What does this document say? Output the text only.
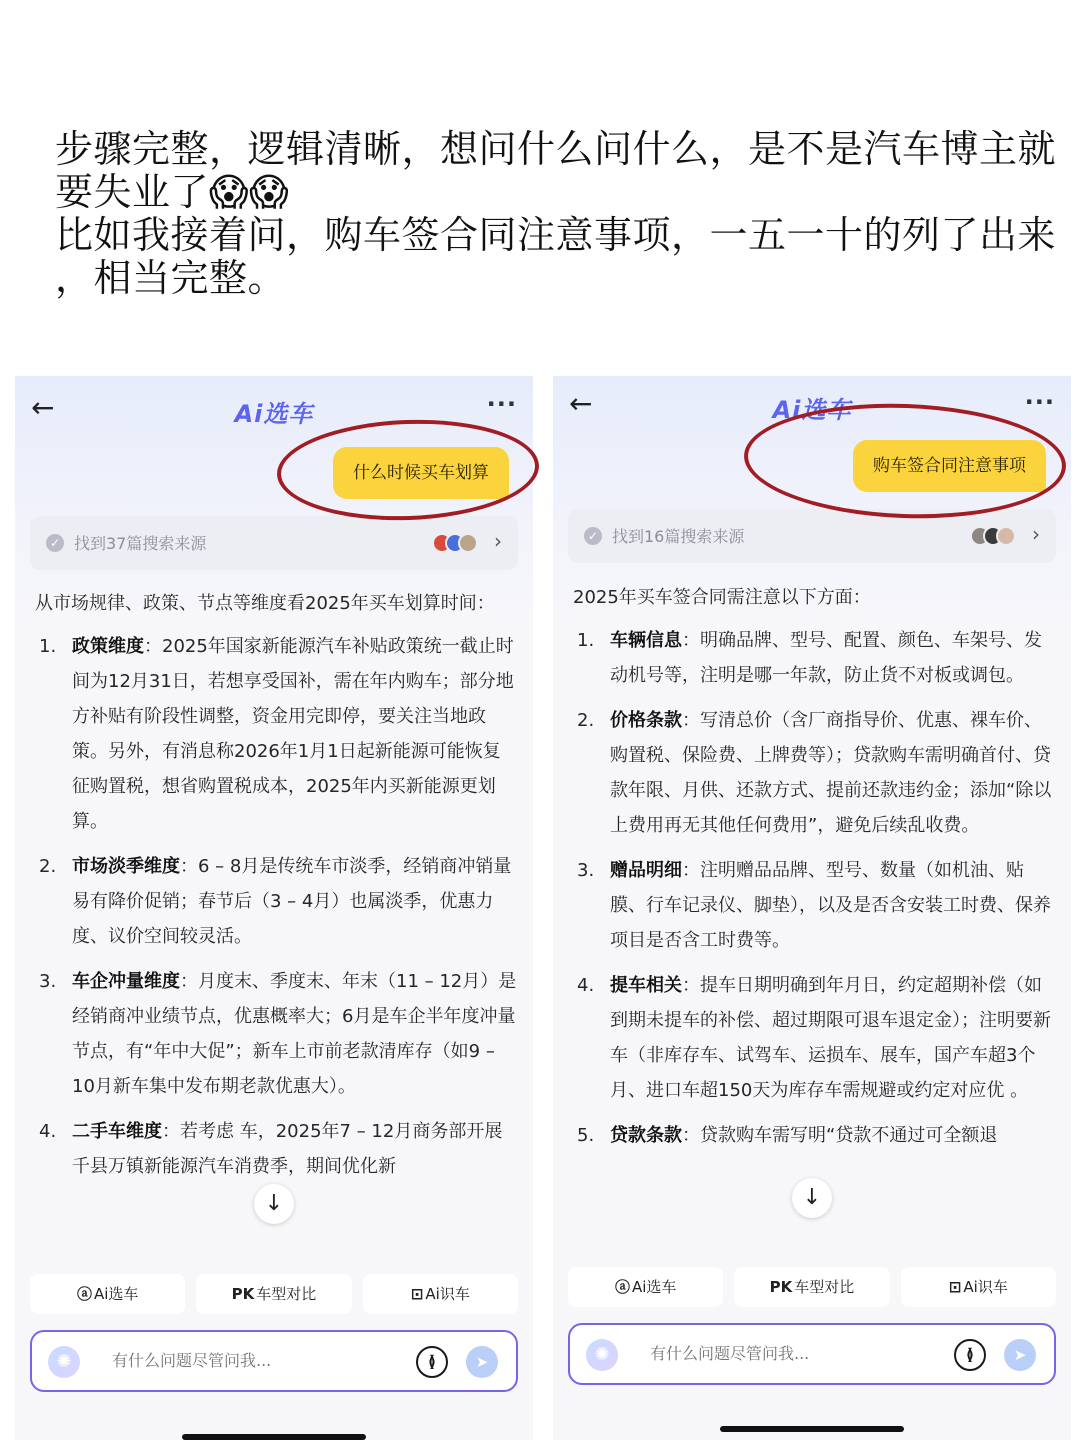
步骤完整，逻辑清晰，想问什么问什么，是不是汽车博主就
要失业了😱😱
比如我接着问，购车签合同注意事项，一五一十的列了出来
，相当完整。
←	Ai选车	···
什么时候买车划算
✓ 找到37篇搜索来源	›
从市场规律、政策、节点等维度看2025年买车划算时间：
1. 政策维度：2025年国家新能源汽车补贴政策统一截止时间为12月31日，若想享受国补，需在年内购车；部分地方补贴有阶段性调整，资金用完即停，要关注当地政策。另外，有消息称2026年1月1日起新能源可能恢复征购置税，想省购置税成本，2025年内买新能源更划算。
2. 市场淡季维度：6 – 8月是传统车市淡季，经销商冲销量易有降价促销；春节后（3 – 4月）也属淡季，优惠力度、议价空间较灵活。
3. 车企冲量维度：月度末、季度末、年末（11 – 12月）是经销商冲业绩节点，优惠概率大；6月是车企半年度冲量节点，有“年中大促”；新车上市前老款清库存（如9 – 10月新车集中发布期老款优惠大）。
4. 二手车维度：若考虑 车，2025年7 – 12月商务部开展千县万镇新能源汽车消费季，期间优化新
↓
ⓐ Ai选车	PK 车型对比	⊡ Ai识车
✺
有什么问题尽管问我...	≬	➤
←	Ai选车	···
购车签合同注意事项
✓ 找到16篇搜索来源	›
2025年买车签合同需注意以下方面：
1. 车辆信息：明确品牌、型号、配置、颜色、车架号、发动机号等，注明是哪一年款，防止货不对板或调包。
2. 价格条款：写清总价（含厂商指导价、优惠、裸车价、购置税、保险费、上牌费等）；贷款购车需明确首付、贷款年限、月供、还款方式、提前还款违约金；添加“除以上费用再无其他任何费用”，避免后续乱收费。
3. 赠品明细：注明赠品品牌、型号、数量（如机油、贴膜、行车记录仪、脚垫），以及是否含安装工时费、保养项目是否含工时费等。
4. 提车相关：提车日期明确到年月日，约定超期补偿（如到期未提车的补偿、超过期限可退车退定金）；注明要新车（非库存车、试驾车、运损车、展车，国产车超3个月、进口车超150天为库存车需规避或约定对应优 。
5. 贷款条款：贷款购车需写明“贷款不通过可全额退
↓
ⓐ Ai选车	PK 车型对比	⊡ Ai识车
✺
有什么问题尽管问我...	≬	➤
